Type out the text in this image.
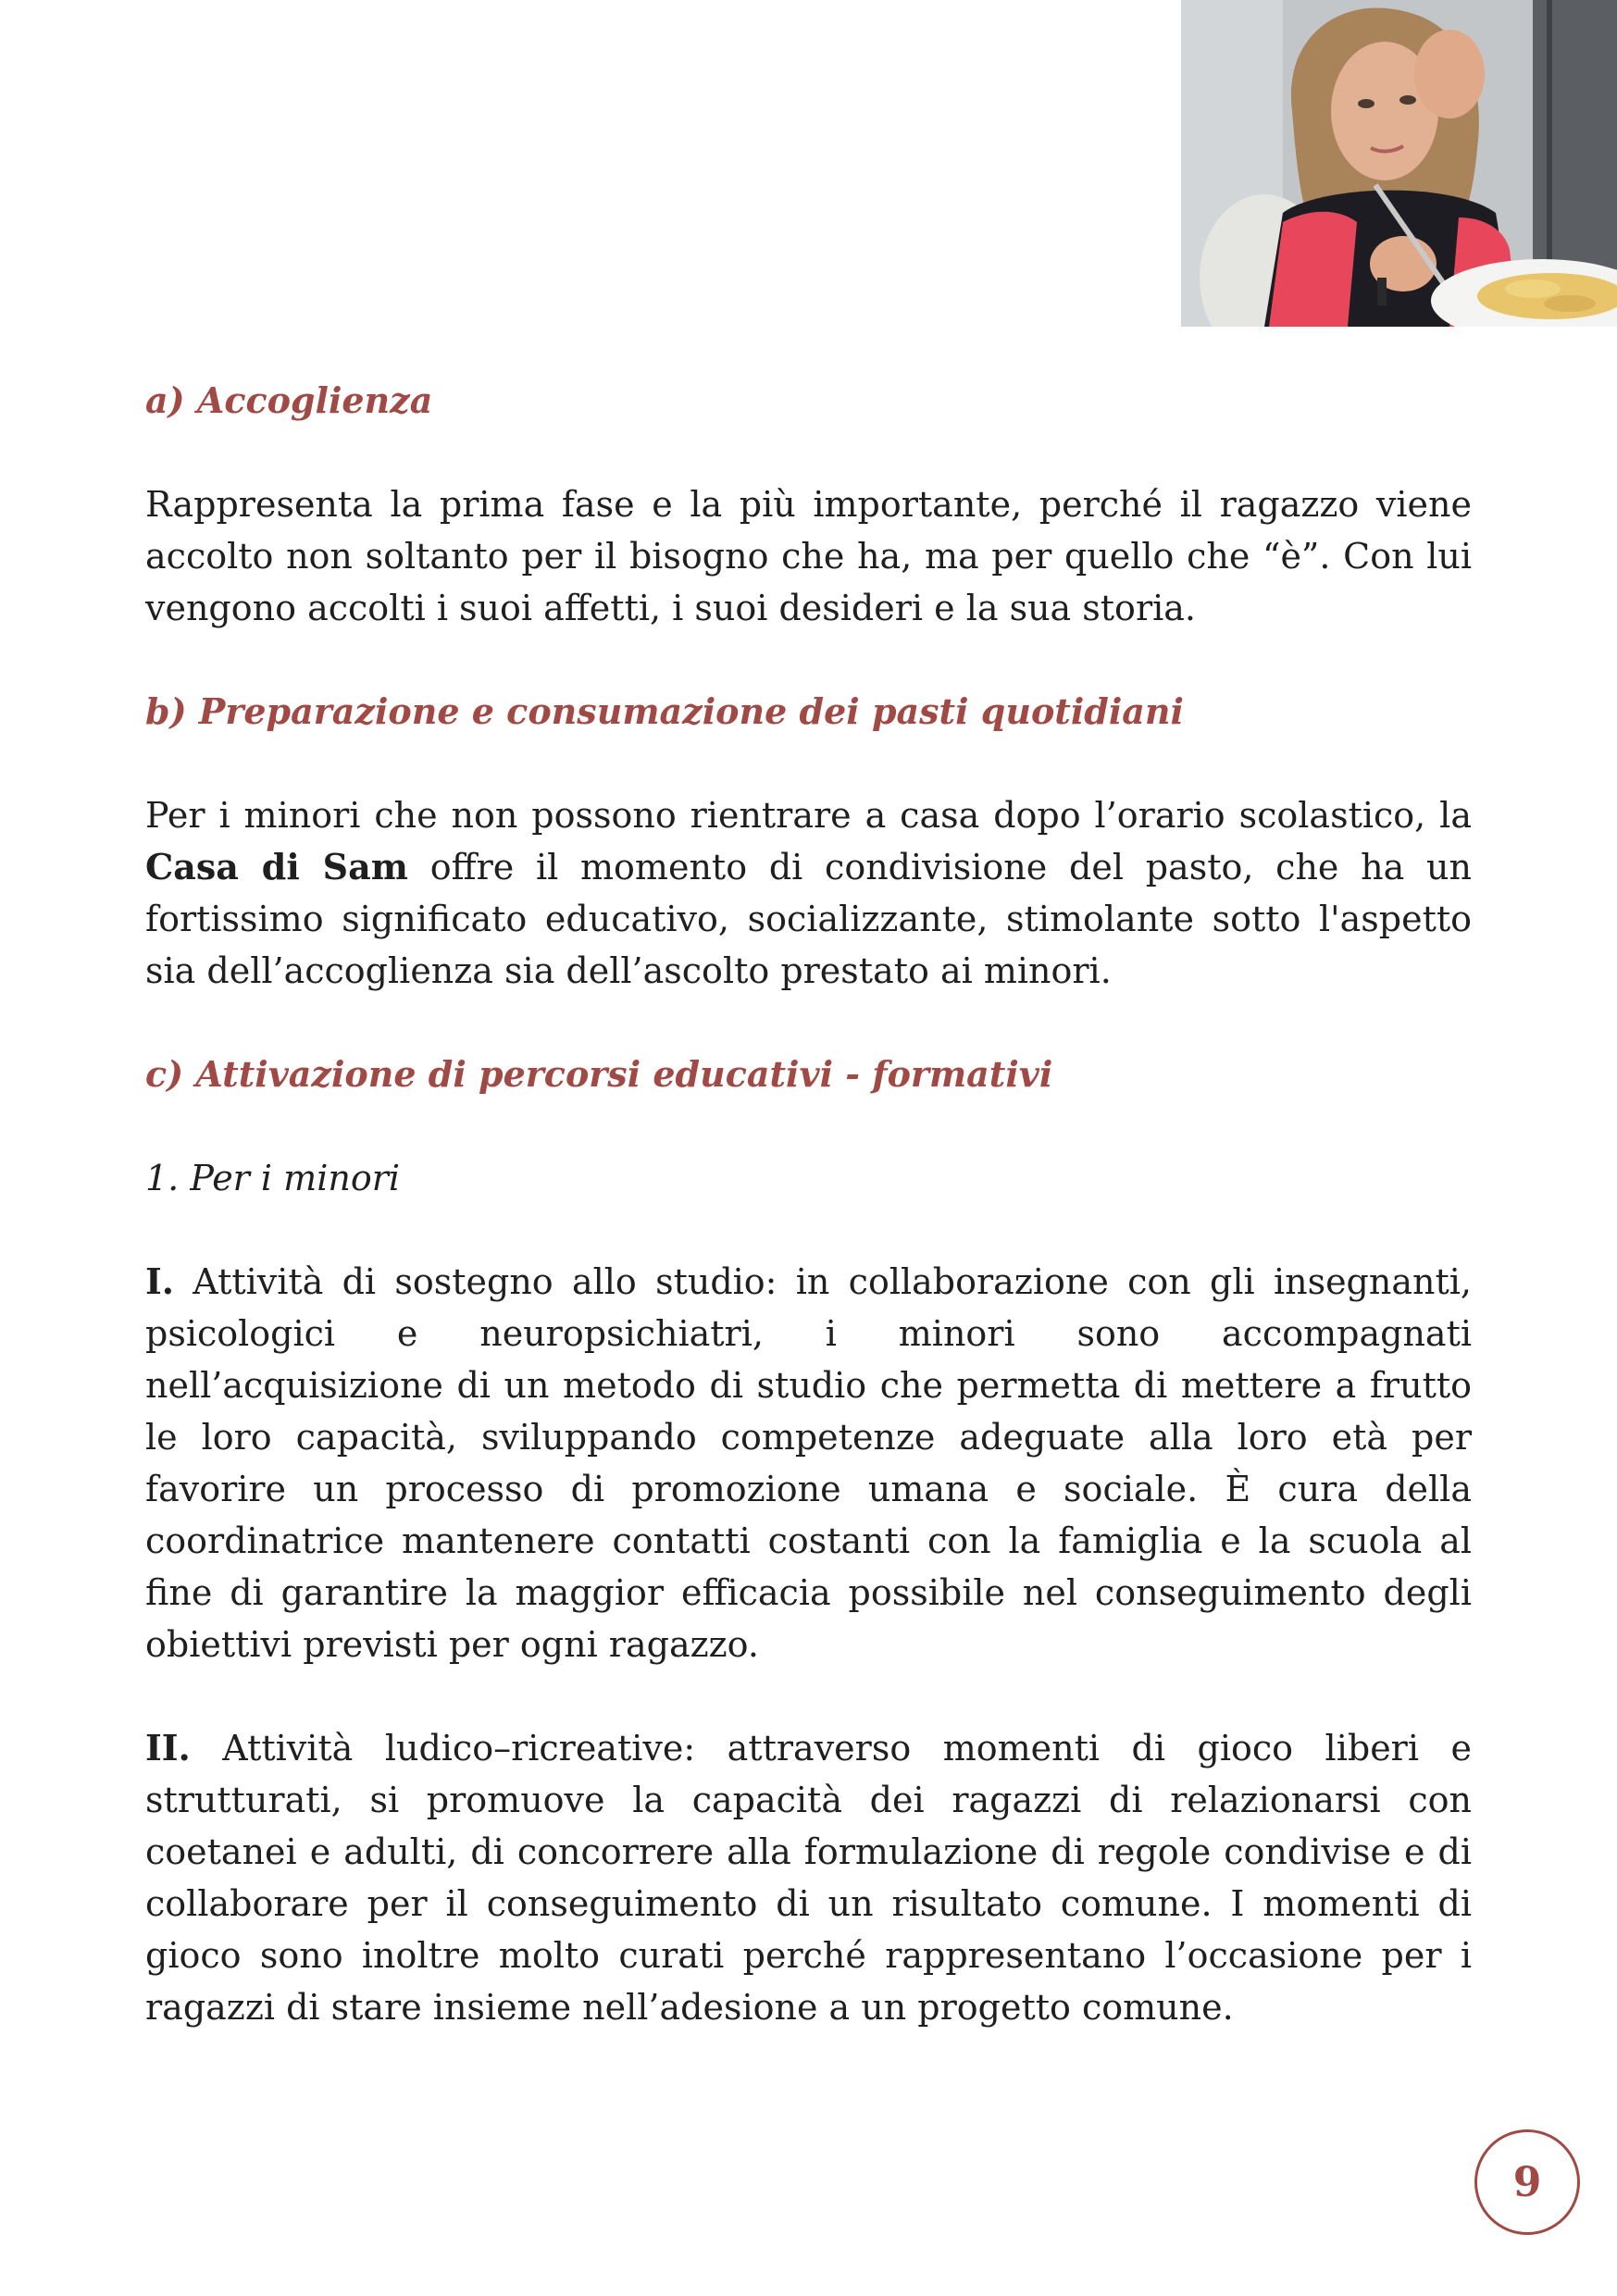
a) Accoglienza

Rappresenta la prima fase e la più importante, perché il ragazzo viene accolto non soltanto per il bisogno che ha, ma per quello che “è”. Con lui vengono accolti i suoi affetti, i suoi desideri e la sua storia.

b) Preparazione e consumazione dei pasti quotidiani

Per i minori che non possono rientrare a casa dopo l’orario scolastico, la Casa di Sam offre il momento di condivisione del pasto, che ha un fortissimo significato educativo, socializzante, stimolante sotto l'aspetto sia dell’accoglienza sia dell’ascolto prestato ai minori.

c) Attivazione di percorsi educativi - formativi

1. Per i minori

I. Attività di sostegno allo studio: in collaborazione con gli insegnanti, psicologici e neuropsichiatri, i minori sono accompagnati nell’acquisizione di un metodo di studio che permetta di mettere a frutto le loro capacità, sviluppando competenze adeguate alla loro età per favorire un processo di promozione umana e sociale. È cura della coordinatrice mantenere contatti costanti con la famiglia e la scuola al fine di garantire la maggior efficacia possibile nel conseguimento degli obiettivi previsti per ogni ragazzo.

II. Attività ludico–ricreative: attraverso momenti di gioco liberi e strutturati, si promuove la capacità dei ragazzi di relazionarsi con coetanei e adulti, di concorrere alla formulazione di regole condivise e di collaborare per il conseguimento di un risultato comune. I momenti di gioco sono inoltre molto curati perché rappresentano l’occasione per i ragazzi di stare insieme nell’adesione a un progetto comune.

9
